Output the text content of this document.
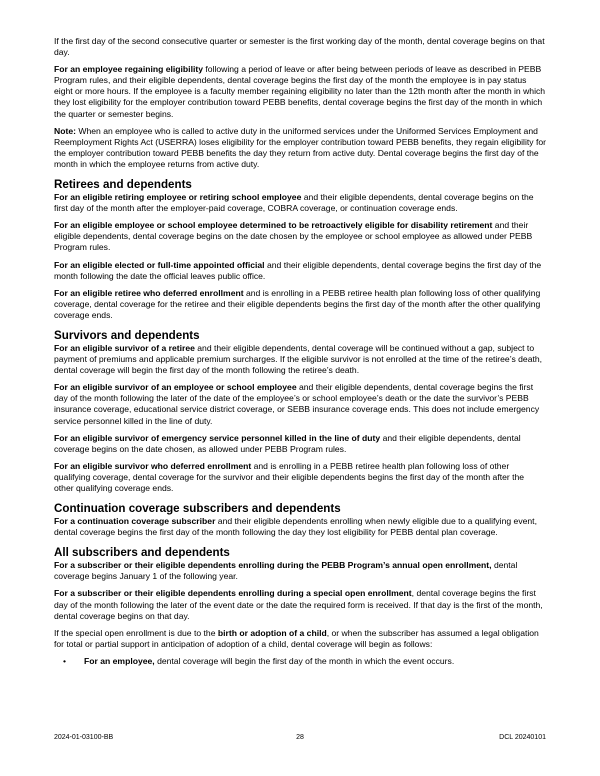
If the first day of the second consecutive quarter or semester is the first working day of the month, dental coverage begins on that day.

For an employee regaining eligibility following a period of leave or after being between periods of leave as described in PEBB Program rules, and their eligible dependents, dental coverage begins the first day of the month the employee is in pay status eight or more hours. If the employee is a faculty member regaining eligibility no later than the 12th month after the month in which they lost eligibility for the employer contribution toward PEBB benefits, dental coverage begins the first day of the month in which the quarter or semester begins.

Note: When an employee who is called to active duty in the uniformed services under the Uniformed Services Employment and Reemployment Rights Act (USERRA) loses eligibility for the employer contribution toward PEBB benefits, they regain eligibility for the employer contribution toward PEBB benefits the day they return from active duty. Dental coverage begins the first day of the month in which the employee returns from active duty.

Retirees and dependents

For an eligible retiring employee or retiring school employee and their eligible dependents, dental coverage begins on the first day of the month after the employer-paid coverage, COBRA coverage, or continuation coverage ends.

For an eligible employee or school employee determined to be retroactively eligible for disability retirement and their eligible dependents, dental coverage begins on the date chosen by the employee or school employee as allowed under PEBB Program rules.

For an eligible elected or full-time appointed official and their eligible dependents, dental coverage begins the first day of the month following the date the official leaves public office.

For an eligible retiree who deferred enrollment and is enrolling in a PEBB retiree health plan following loss of other qualifying coverage, dental coverage for the retiree and their eligible dependents begins the first day of the month after the other qualifying coverage ends.

Survivors and dependents

For an eligible survivor of a retiree and their eligible dependents, dental coverage will be continued without a gap, subject to payment of premiums and applicable premium surcharges. If the eligible survivor is not enrolled at the time of the retiree’s death, dental coverage will begin the first day of the month following the retiree’s death.

For an eligible survivor of an employee or school employee and their eligible dependents, dental coverage begins the first day of the month following the later of the date of the employee’s or school employee’s death or the date the survivor’s PEBB insurance coverage, educational service district coverage, or SEBB insurance coverage ends. This does not include emergency service personnel killed in the line of duty.

For an eligible survivor of emergency service personnel killed in the line of duty and their eligible dependents, dental coverage begins on the date chosen, as allowed under PEBB Program rules.

For an eligible survivor who deferred enrollment and is enrolling in a PEBB retiree health plan following loss of other qualifying coverage, dental coverage for the survivor and their eligible dependents begins the first day of the month after the other qualifying coverage ends.

Continuation coverage subscribers and dependents

For a continuation coverage subscriber and their eligible dependents enrolling when newly eligible due to a qualifying event, dental coverage begins the first day of the month following the day they lost eligibility for PEBB dental plan coverage.

All subscribers and dependents

For a subscriber or their eligible dependents enrolling during the PEBB Program’s annual open enrollment, dental coverage begins January 1 of the following year.

For a subscriber or their eligible dependents enrolling during a special open enrollment, dental coverage begins the first day of the month following the later of the event date or the date the required form is received. If that day is the first of the month, dental coverage begins on that day.

If the special open enrollment is due to the birth or adoption of a child, or when the subscriber has assumed a legal obligation for total or partial support in anticipation of adoption of a child, dental coverage will begin as follows:

• For an employee, dental coverage will begin the first day of the month in which the event occurs.
2024-01-03100-BB	28	DCL 20240101
